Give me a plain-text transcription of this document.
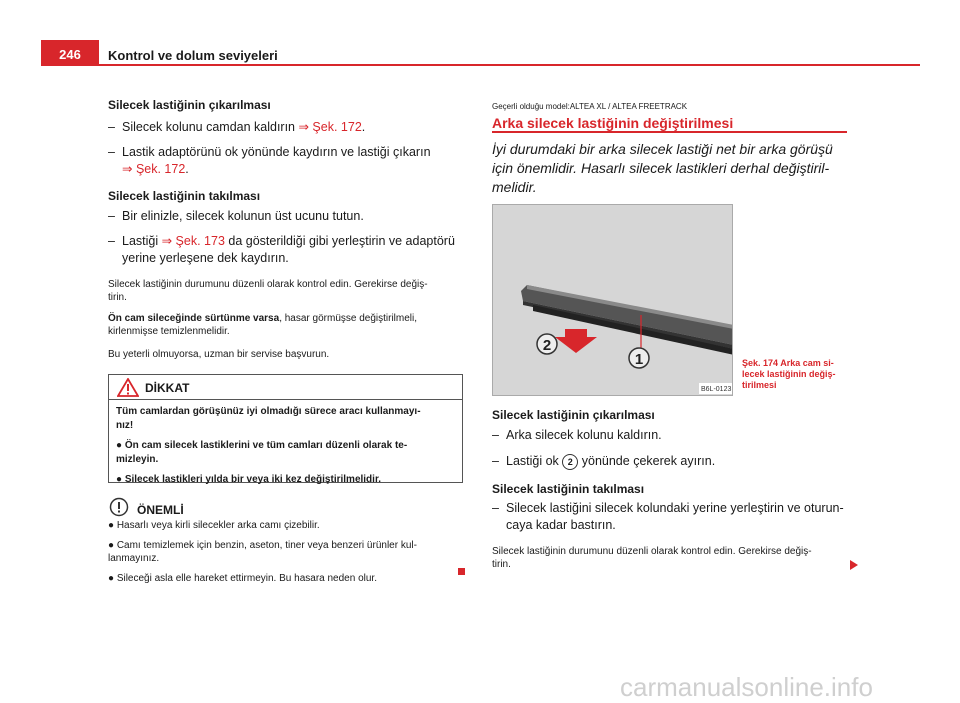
246	Kontrol ve dolum seviyeleri
Silecek lastiğinin çıkarılması
– Silecek kolunu camdan kaldırın ⇒ Şek. 172.
– Lastik adaptörünü ok yönünde kaydırın ve lastiği çıkarın
⇒ Şek. 172.
Silecek lastiğinin takılması
– Bir elinizle, silecek kolunun üst ucunu tutun.
– Lastiği ⇒ Şek. 173 da gösterildiği gibi yerleştirin ve adaptörü
yerine yerleşene dek kaydırın.
Silecek lastiğinin durumunu düzenli olarak kontrol edin. Gerekirse değiş-
tirin.
Ön cam sileceğinde sürtünme varsa, hasar görmüşse değiştirilmeli,
kirlenmişse temizlenmelidir.
Bu yeterli olmuyorsa, uzman bir servise başvurun.
DİKKAT

Tüm camlardan görüşünüz iyi olmadığı sürece aracı kullanmayı-
nız!

● Ön cam silecek lastiklerini ve tüm camları düzenli olarak te-
mizleyin.

● Silecek lastikleri yılda bir veya iki kez değiştirilmelidir.

ÖNEMLİ

● Hasarlı veya kirli silecekler arka camı çizebilir.

● Camı temizlemek için benzin, aseton, tiner veya benzeri ürünler kul-
lanmayınız.

● Sileceği asla elle hareket ettirmeyin. Bu hasara neden olur.

Geçerli olduğu model:ALTEA XL / ALTEA FREETRACK
Arka silecek lastiğinin değiştirilmesi
İyi durumdaki bir arka silecek lastiği net bir arka görüşü
için önemlidir. Hasarlı silecek lastikleri derhal değiştiril-
melidir.
2
1
B6L-0123
Şek. 174 Arka cam si-
lecek lastiğinin değiş-
tirilmesi
Silecek lastiğinin çıkarılması
– Arka silecek kolunu kaldırın.
– Lastiği ok 2 yönünde çekerek ayırın.
Silecek lastiğinin takılması
– Silecek lastiğini silecek kolundaki yerine yerleştirin ve oturun-
caya kadar bastırın.
Silecek lastiğinin durumunu düzenli olarak kontrol edin. Gerekirse değiş-
tirin.
carmanualsonline.info
